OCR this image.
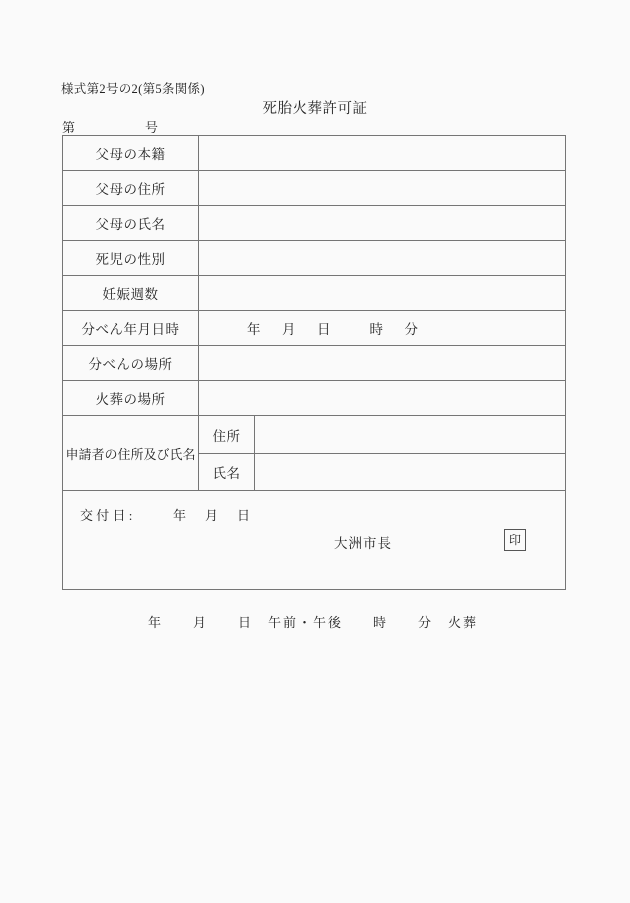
様式第2号の2(第5条関係)
死胎火葬許可証
第	号
父母の本籍		
父母の住所		
父母の氏名		
死児の性別		
妊娠週数		
分べん年月日時	年　月　日　　時　分	
分べんの場所		
火葬の場所		
申請者の住所及び氏名	住所	
	氏名	

交 付 日 : 年　月　日
大洲市長 印		
年　　月　　日　午前・午後　　時　　分　火葬
